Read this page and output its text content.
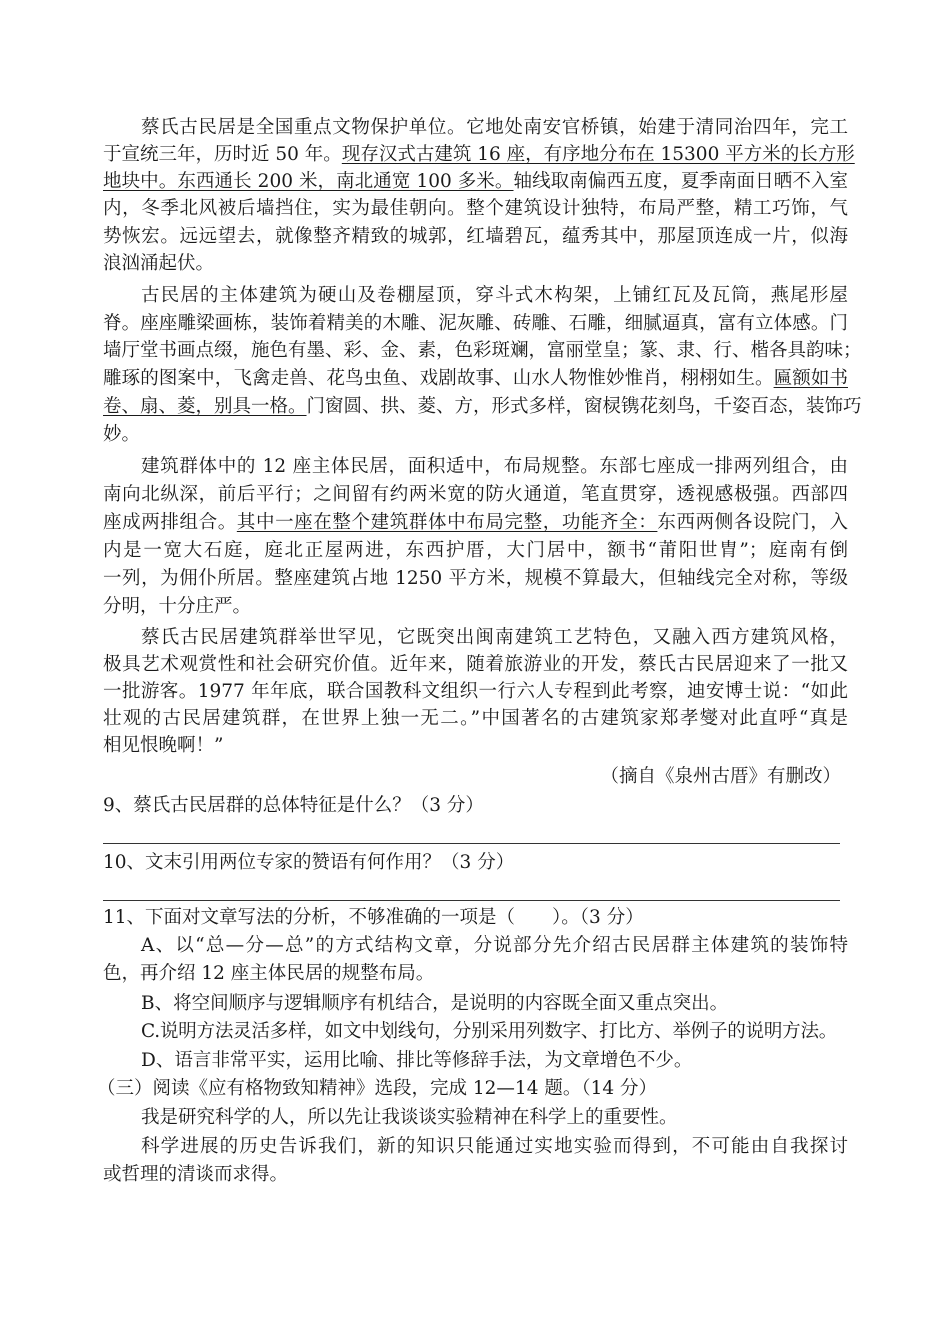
蔡氏古民居是全国重点文物保护单位。它地处南安官桥镇，始建于清同治四年，完工
于宣统三年，历时近 50 年。现存汉式古建筑 16 座，有序地分布在 15300 平方米的长方形
地块中。东西通长 200 米，南北通宽 100 多米。轴线取南偏西五度，夏季南面日晒不入室
内，冬季北风被后墙挡住，实为最佳朝向。整个建筑设计独特，布局严整，精工巧饰，气
势恢宏。远远望去，就像整齐精致的城郭，红墙碧瓦，蕴秀其中，那屋顶连成一片，似海
浪汹涌起伏。
古民居的主体建筑为硬山及卷棚屋顶，穿斗式木构架，上铺红瓦及瓦筒，燕尾形屋
脊。座座雕梁画栋，装饰着精美的木雕、泥灰雕、砖雕、石雕，细腻逼真，富有立体感。门
墙厅堂书画点缀，施色有墨、彩、金、素，色彩斑斓，富丽堂皇；篆、隶、行、楷各具韵味；
雕琢的图案中，飞禽走兽、花鸟虫鱼、戏剧故事、山水人物惟妙惟肖，栩栩如生。匾额如书
卷、扇、菱，别具一格。门窗圆、拱、菱、方，形式多样，窗棂镌花刻鸟，千姿百态，装饰巧
妙。
建筑群体中的 12 座主体民居，面积适中，布局规整。东部七座成一排两列组合，由
南向北纵深，前后平行；之间留有约两米宽的防火通道，笔直贯穿，透视感极强。西部四
座成两排组合。其中一座在整个建筑群体中布局完整，功能齐全：东西两侧各设院门，入
内是一宽大石庭，庭北正屋两进，东西护厝，大门居中，额书“莆阳世胄”；庭南有倒
一列，为佣仆所居。整座建筑占地 1250 平方米，规模不算最大，但轴线完全对称，等级
分明，十分庄严。
蔡氏古民居建筑群举世罕见，它既突出闽南建筑工艺特色，又融入西方建筑风格，
极具艺术观赏性和社会研究价值。近年来，随着旅游业的开发，蔡氏古民居迎来了一批又
一批游客。1977 年年底，联合国教科文组织一行六人专程到此考察，迪安博士说：“如此
壮观的古民居建筑群，在世界上独一无二。”中国著名的古建筑家郑孝燮对此直呼“真是
相见恨晚啊！”
（摘自《泉州古厝》有删改）
9、蔡氏古民居群的总体特征是什么？（3 分）
10、文末引用两位专家的赞语有何作用？（3 分）
11、下面对文章写法的分析，不够准确的一项是（　　）。（3 分）
A、以“总—分—总”的方式结构文章，分说部分先介绍古民居群主体建筑的装饰特
色，再介绍 12 座主体民居的规整布局。
B、将空间顺序与逻辑顺序有机结合，是说明的内容既全面又重点突出。
C.说明方法灵活多样，如文中划线句，分别采用列数字、打比方、举例子的说明方法。
D、语言非常平实，运用比喻、排比等修辞手法，为文章增色不少。
（三）阅读《应有格物致知精神》选段，完成 12—14 题。（14 分）
我是研究科学的人，所以先让我谈谈实验精神在科学上的重要性。
科学进展的历史告诉我们，新的知识只能通过实地实验而得到，不可能由自我探讨
或哲理的清谈而求得。
